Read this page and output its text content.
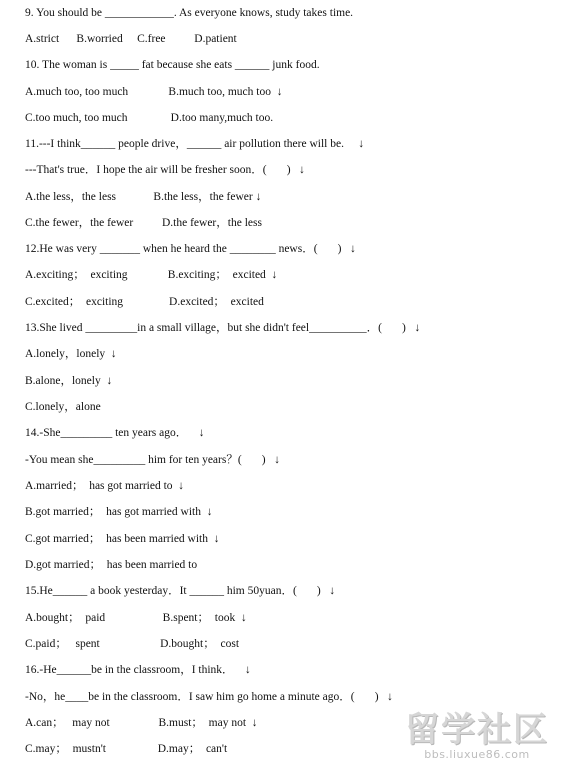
9. You should be ____________. As everyone knows, study takes time.
A.strict      B.worried     C.free          D.patient
10. The woman is _____ fat because she eats ______ junk food.
A.much too, too much              B.much too, much too  ↓
C.too much, too much               D.too many,much too.
11.---I think______ people drive，______ air pollution there will be.     ↓
---That's true．I hope the air will be fresher soon．(       )   ↓
A.the less，the less             B.the less，the fewer ↓
C.the fewer，the fewer          D.the fewer，the less
12.He was very _______ when he heard the ________ news．(       )   ↓
A.exciting；  exciting              B.exciting；  excited  ↓
C.excited；  exciting                D.excited；  excited
13.She lived _________in a small village，but she didn't feel__________．(       )   ↓
A.lonely，lonely  ↓
B.alone，lonely  ↓
C.lonely，alone
14.-She_________ ten years ago．    ↓
-You mean she_________ him for ten years？(       )   ↓
A.married；  has got married to  ↓
B.got married；  has got married with  ↓
C.got married；  has been married with  ↓
D.got married；  has been married to
15.He______ a book yesterday．It ______ him 50yuan．(       )   ↓
A.bought；  paid                    B.spent；  took  ↓
C.paid；   spent                     D.bought；  cost
16.-He______be in the classroom，I think．    ↓
-No，he____be in the classroom．I saw him go home a minute ago．(       )   ↓
A.can；   may not                 B.must；  may not  ↓
C.may；  mustn't                  D.may；  can't	留学社区
bbs.liuxue86.com
